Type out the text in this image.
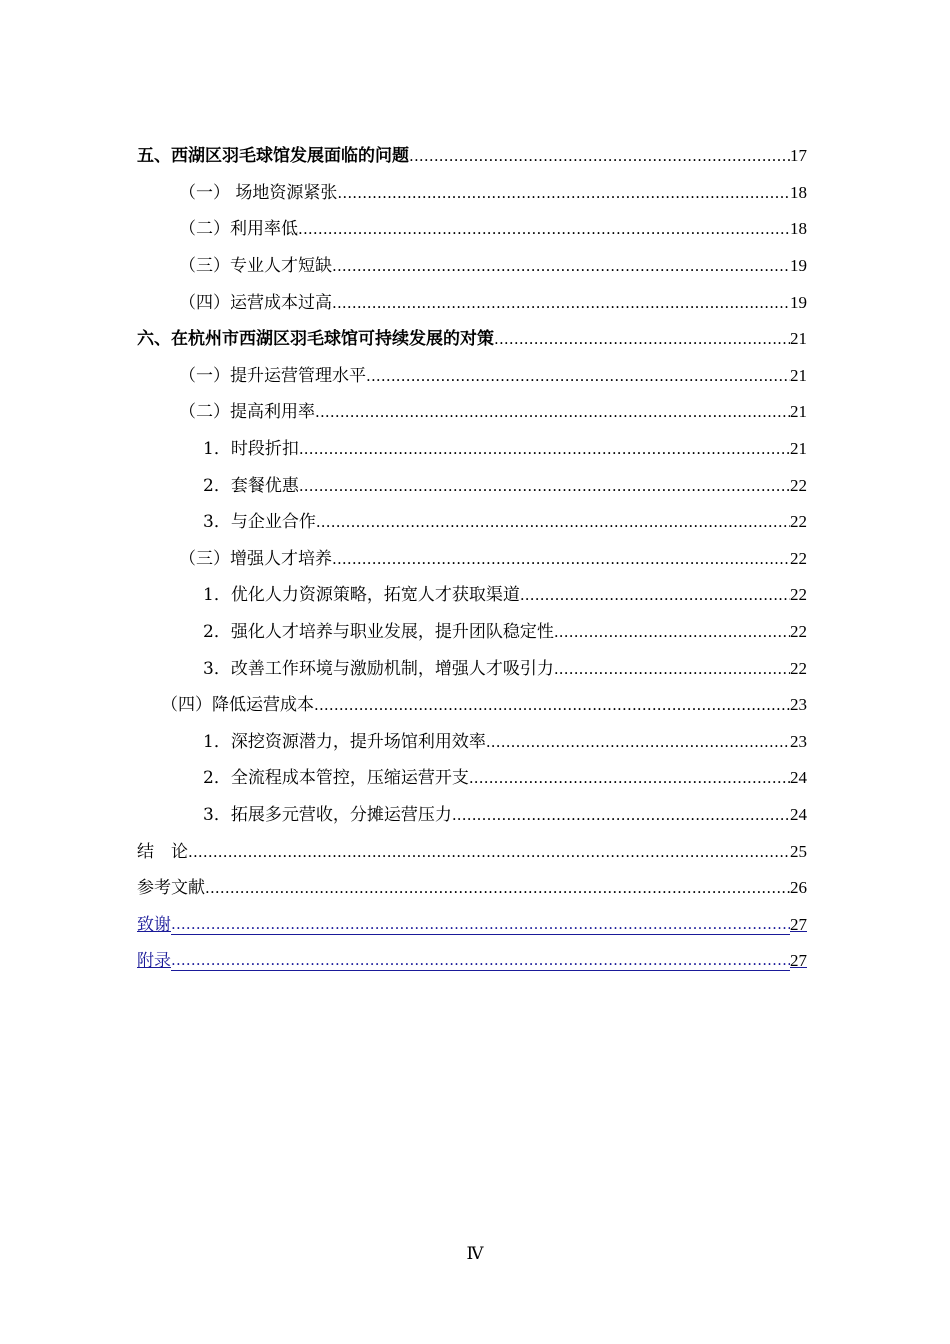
五、西湖区羽毛球馆发展面临的问题 .....	17
（一） 场地资源紧张 .....	18
（二）利用率低 .....	18
（三）专业人才短缺 .....	19
（四）运营成本过高 .....	19
六、在杭州市西湖区羽毛球馆可持续发展的对策 .....	21
（一）提升运营管理水平 .....	21
（二）提高利用率 .....	21
1．时段折扣 .....	21
2．套餐优惠 .....	22
3．与企业合作 .....	22
（三）增强人才培养 .....	22
1．优化人力资源策略，拓宽人才获取渠道 .....	22
2．强化人才培养与职业发展，提升团队稳定性 .....	22
3．改善工作环境与激励机制，增强人才吸引力 .....	22
（四）降低运营成本 .....	23
1．深挖资源潜力，提升场馆利用效率 .....	23
2．全流程成本管控，压缩运营开支 .....	24
3．拓展多元营收，分摊运营压力 .....	24
结　论 .....	25
参考文献 .....	26
致谢 .....	27
附录 .....	27
Ⅳ
